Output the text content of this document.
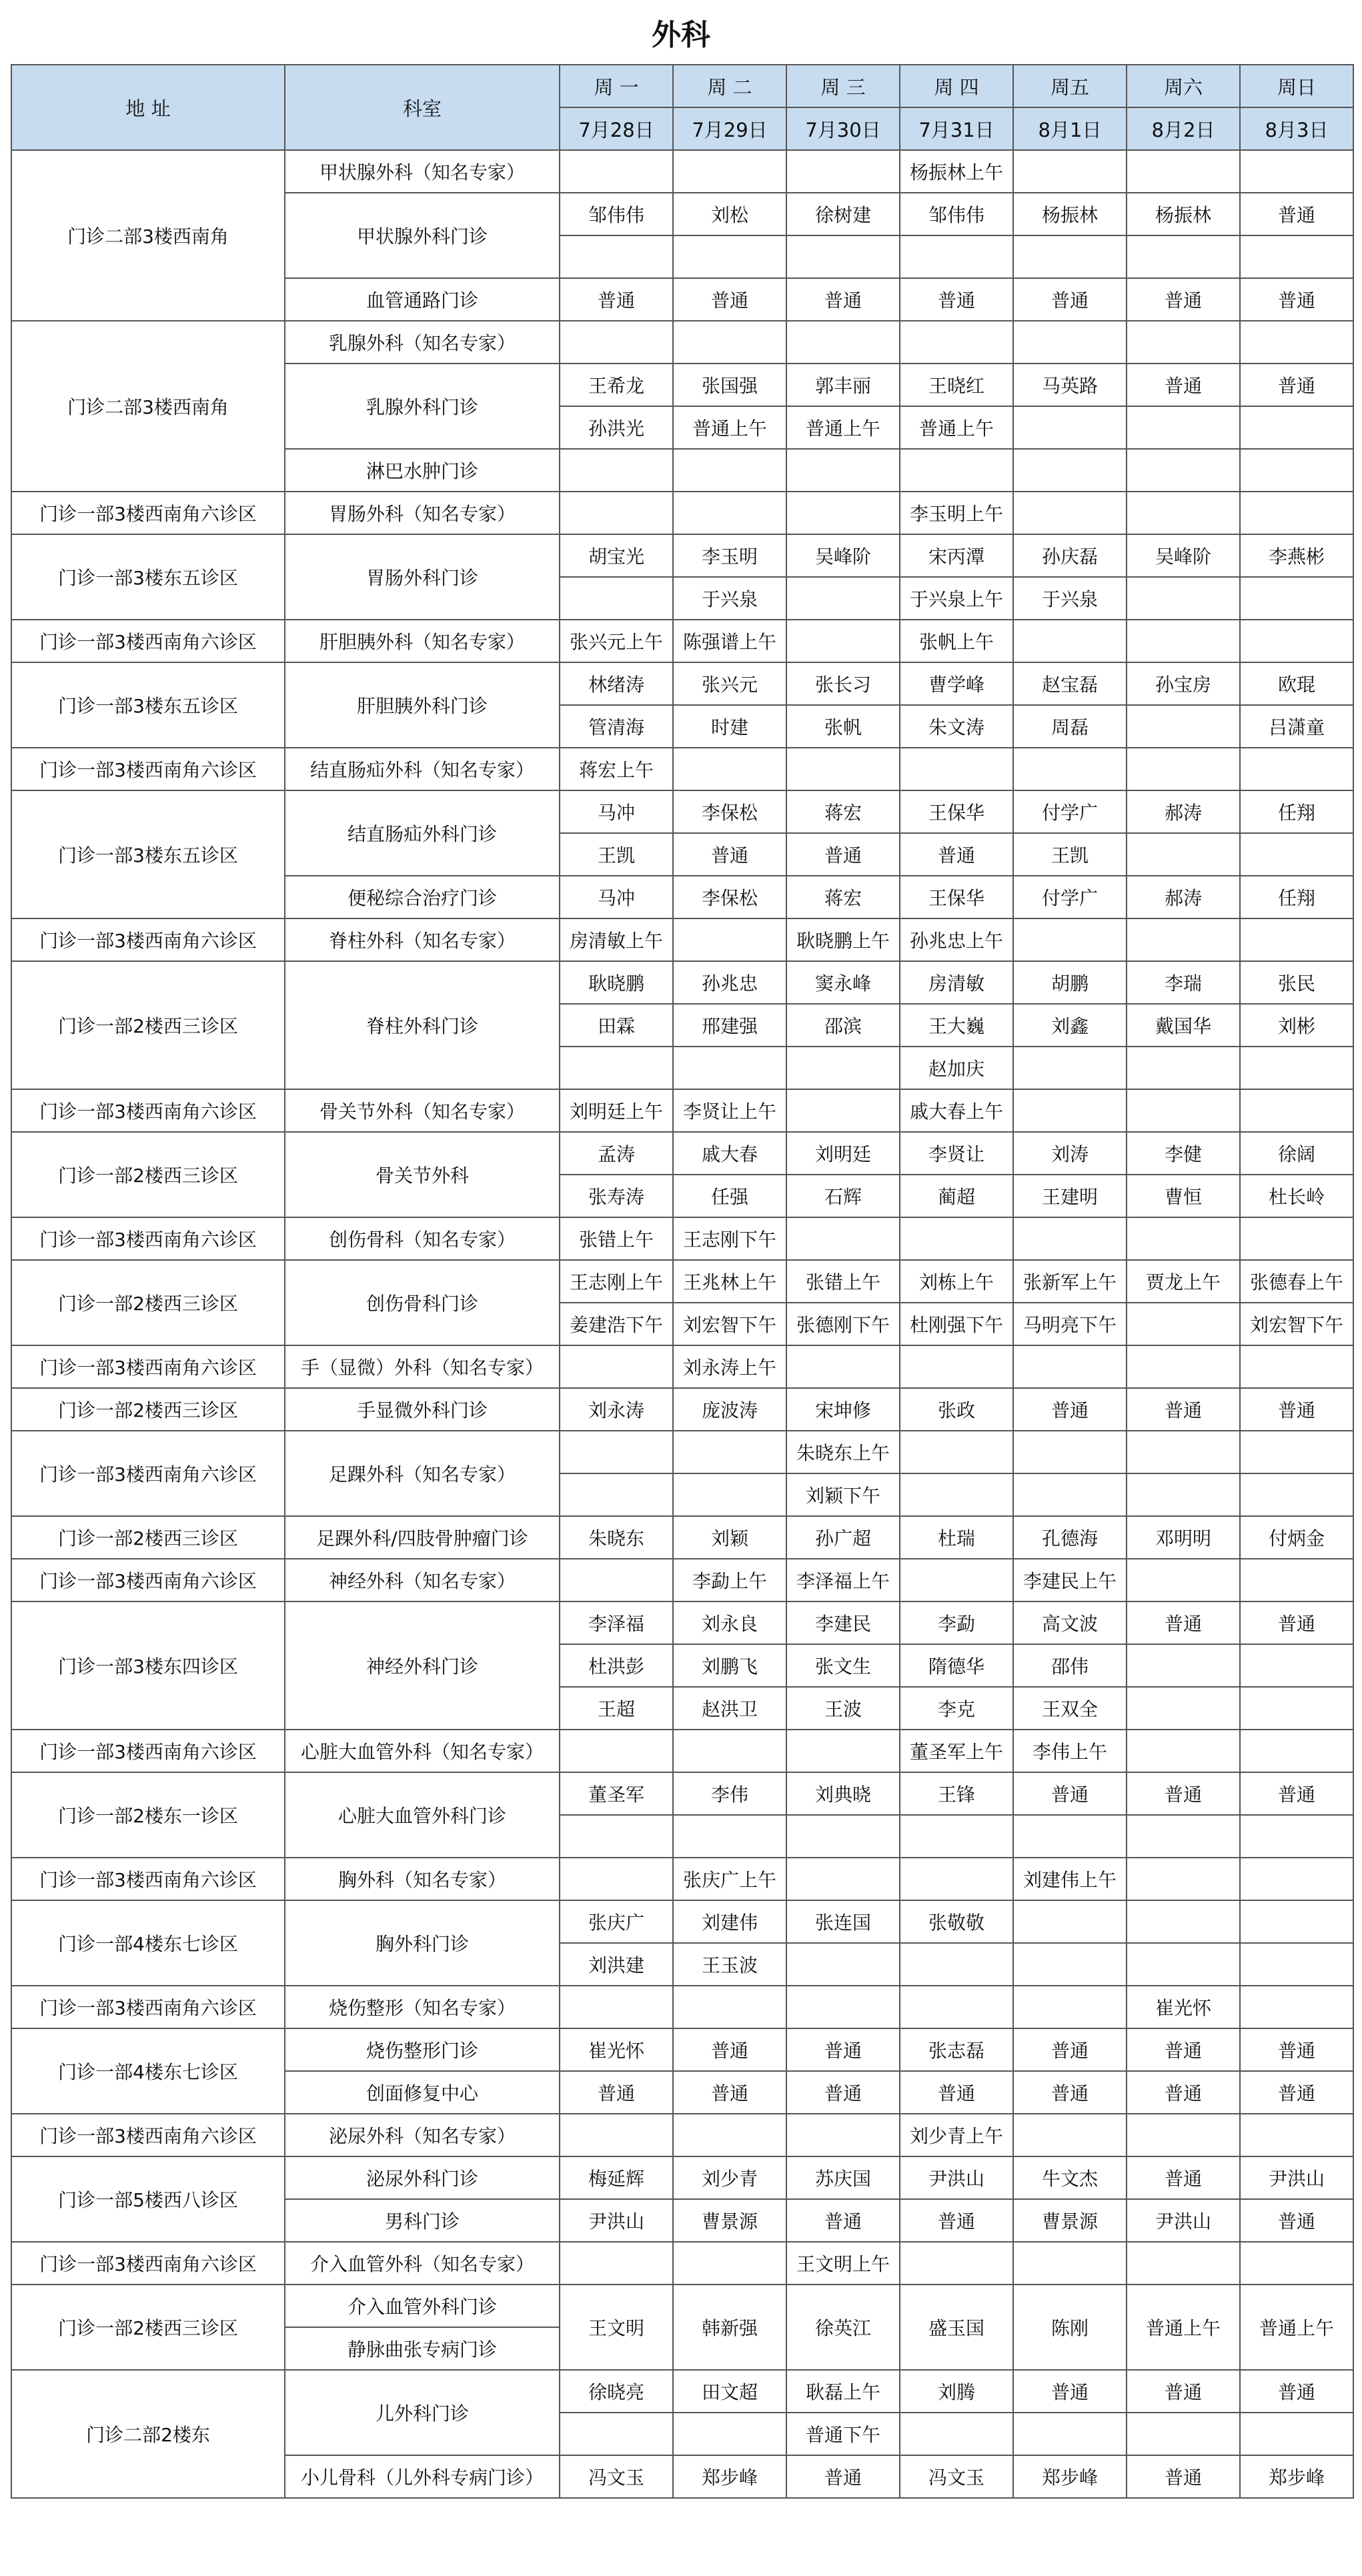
外科
地 址	科室	周 一	周 二	周 三	周 四	周五	周六	周日
		7月28日	7月29日	7月30日	7月31日	8月1日	8月2日	8月3日
门诊二部3楼西南角	甲状腺外科（知名专家）				杨振林上午			
	甲状腺外科门诊	邹伟伟	刘松	徐树建	邹伟伟	杨振林	杨振林	普通

	血管通路门诊	普通	普通	普通	普通	普通	普通	普通
门诊二部3楼西南角	乳腺外科（知名专家）							
	乳腺外科门诊	王希龙	张国强	郭丰丽	王晓红	马英路	普通	普通
		孙洪光	普通上午	普通上午	普通上午			
	淋巴水肿门诊							
门诊一部3楼西南角六诊区	胃肠外科（知名专家）				李玉明上午			
门诊一部3楼东五诊区	胃肠外科门诊	胡宝光	李玉明	吴峰阶	宋丙潭	孙庆磊	吴峰阶	李燕彬
			于兴泉		于兴泉上午	于兴泉		
门诊一部3楼西南角六诊区	肝胆胰外科（知名专家）	张兴元上午	陈强谱上午		张帆上午			
门诊一部3楼东五诊区	肝胆胰外科门诊	林绪涛	张兴元	张长习	曹学峰	赵宝磊	孙宝房	欧琨
		管清海	时建	张帆	朱文涛	周磊		吕潇童
门诊一部3楼西南角六诊区	结直肠疝外科（知名专家）	蒋宏上午						
门诊一部3楼东五诊区	结直肠疝外科门诊	马冲	李保松	蒋宏	王保华	付学广	郝涛	任翔
		王凯	普通	普通	普通	王凯		
	便秘综合治疗门诊	马冲	李保松	蒋宏	王保华	付学广	郝涛	任翔
门诊一部3楼西南角六诊区	脊柱外科（知名专家）	房清敏上午		耿晓鹏上午	孙兆忠上午			
门诊一部2楼西三诊区	脊柱外科门诊	耿晓鹏	孙兆忠	窦永峰	房清敏	胡鹏	李瑞	张民
		田霖	邢建强	邵滨	王大巍	刘鑫	戴国华	刘彬
					赵加庆			
门诊一部3楼西南角六诊区	骨关节外科（知名专家）	刘明廷上午	李贤让上午		戚大春上午			
门诊一部2楼西三诊区	骨关节外科	孟涛	戚大春	刘明廷	李贤让	刘涛	李健	徐阔
		张寿涛	任强	石辉	蔺超	王建明	曹恒	杜长岭
门诊一部3楼西南角六诊区	创伤骨科（知名专家）	张错上午	王志刚下午					
门诊一部2楼西三诊区	创伤骨科门诊	王志刚上午	王兆林上午	张错上午	刘栋上午	张新军上午	贾龙上午	张德春上午
		姜建浩下午	刘宏智下午	张德刚下午	杜刚强下午	马明亮下午		刘宏智下午
门诊一部3楼西南角六诊区	手（显微）外科（知名专家）		刘永涛上午					
门诊一部2楼西三诊区	手显微外科门诊	刘永涛	庞波涛	宋坤修	张政	普通	普通	普通
门诊一部3楼西南角六诊区	足踝外科（知名专家）			朱晓东上午				
				刘颖下午				
门诊一部2楼西三诊区	足踝外科/四肢骨肿瘤门诊	朱晓东	刘颖	孙广超	杜瑞	孔德海	邓明明	付炳金
门诊一部3楼西南角六诊区	神经外科（知名专家）		李勐上午	李泽福上午		李建民上午		
门诊一部3楼东四诊区	神经外科门诊	李泽福	刘永良	李建民	李勐	高文波	普通	普通
		杜洪彭	刘鹏飞	张文生	隋德华	邵伟		
		王超	赵洪卫	王波	李克	王双全		
门诊一部3楼西南角六诊区	心脏大血管外科（知名专家）				董圣军上午	李伟上午		
门诊一部2楼东一诊区	心脏大血管外科门诊	董圣军	李伟	刘典晓	王锋	普通	普通	普通

门诊一部3楼西南角六诊区	胸外科（知名专家）		张庆广上午			刘建伟上午		
门诊一部4楼东七诊区	胸外科门诊	张庆广	刘建伟	张连国	张敬敬			
		刘洪建	王玉波					
门诊一部3楼西南角六诊区	烧伤整形（知名专家）						崔光怀	
门诊一部4楼东七诊区	烧伤整形门诊	崔光怀	普通	普通	张志磊	普通	普通	普通
	创面修复中心	普通	普通	普通	普通	普通	普通	普通
门诊一部3楼西南角六诊区	泌尿外科（知名专家）				刘少青上午			
门诊一部5楼西八诊区	泌尿外科门诊	梅延辉	刘少青	苏庆国	尹洪山	牛文杰	普通	尹洪山
	男科门诊	尹洪山	曹景源	普通	普通	曹景源	尹洪山	普通
门诊一部3楼西南角六诊区	介入血管外科（知名专家）			王文明上午				
门诊一部2楼西三诊区	介入血管外科门诊	王文明	韩新强	徐英江	盛玉国	陈刚	普通上午	普通上午
	静脉曲张专病门诊							
门诊二部2楼东	儿外科门诊	徐晓亮	田文超	耿磊上午	刘腾	普通	普通	普通
				普通下午				
	小儿骨科（儿外科专病门诊）	冯文玉	郑步峰	普通	冯文玉	郑步峰	普通	郑步峰
